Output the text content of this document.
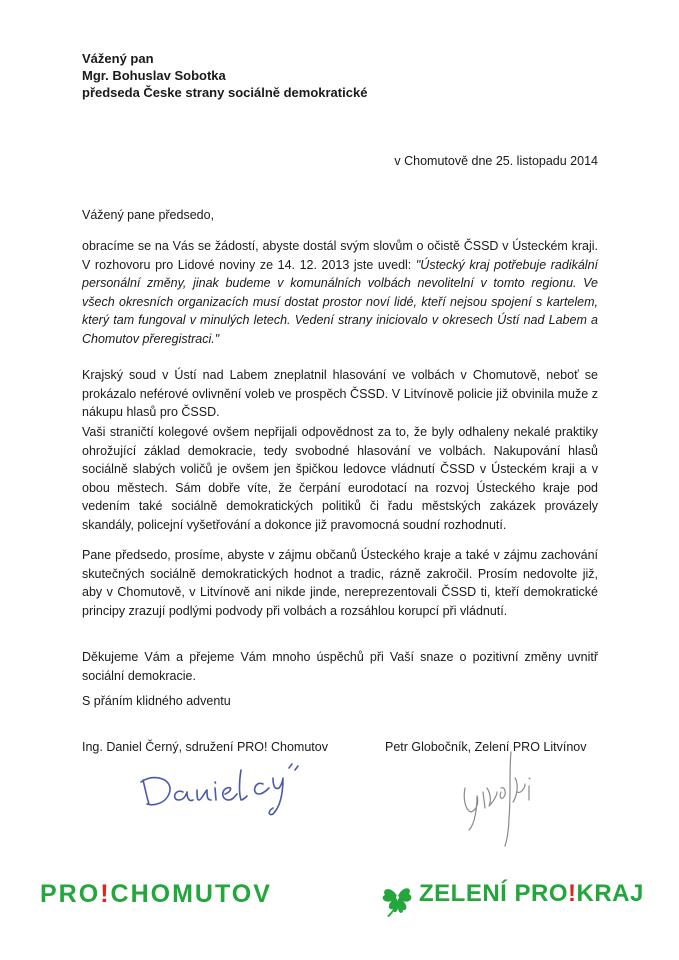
Vážený pan
Mgr. Bohuslav Sobotka
předseda Českе strany sociálně demokratické
v Chomutově dne 25. listopadu 2014
Vážený pane předsedo,

obracíme se na Vás se žádostí, abyste dostál svým slovům o očistě ČSSD v Ústeckém kraji. V rozhovoru pro Lidové noviny ze 14. 12. 2013 jste uvedl: "Ústecký kraj potřebuje radikální personální změny, jinak budeme v komunálních volbách nevolitelní v tomto regionu. Ve všech okresních organizacích musí dostat prostor noví lidé, kteří nejsou spojení s kartelem, který tam fungoval v minulých letech. Vedení strany iniciovalo v okresech Ústí nad Labem a Chomutov přeregistraci."

Krajský soud v Ústí nad Labem zneplatnil hlasování ve volbách v Chomutově, neboť se prokázalo neférové ovlivnění voleb ve prospěch ČSSD. V Litvínově policie již obvinila muže z nákupu hlasů pro ČSSD.

Vaši straničtí kolegové ovšem nepřijali odpovědnost za to, že byly odhaleny nekalé praktiky ohrožující základ demokracie, tedy svobodné hlasování ve volbách. Nakupování hlasů sociálně slabých voličů je ovšem jen špičkou ledovce vládnutí ČSSD v Ústeckém kraji a v obou městech. Sám dobře víte, že čerpání eurodotací na rozvoj Ústeckého kraje pod vedením také sociálně demokratických politiků či řadu městských zakázek provázely skandály, policejní vyšetřování a dokonce již pravomocná soudní rozhodnutí.

Pane předsedo, prosíme, abyste v zájmu občanů Ústeckého kraje a také v zájmu zachování skutečných sociálně demokratických hodnot a tradic, rázně zakročil. Prosím nedovolte již, aby v Chomutově, v Litvínově ani nikde jinde, nereprezentovali ČSSD ti, kteří demokratické principy zrazují podlými podvody při volbách a rozsáhlou korupcí při vládnutí.

Děkujeme Vám a přejeme Vám mnoho úspěchů při Vaší snaze o pozitivní změny uvnitř sociální demokracie.

S přáním klidného adventu
Ing. Daniel Černý, sdružení PRO! Chomutov	Petr Globočník, Zelení PRO Litvínov
PRO!CHOMUTOV	ZELENÍ PRO!KRAJ
